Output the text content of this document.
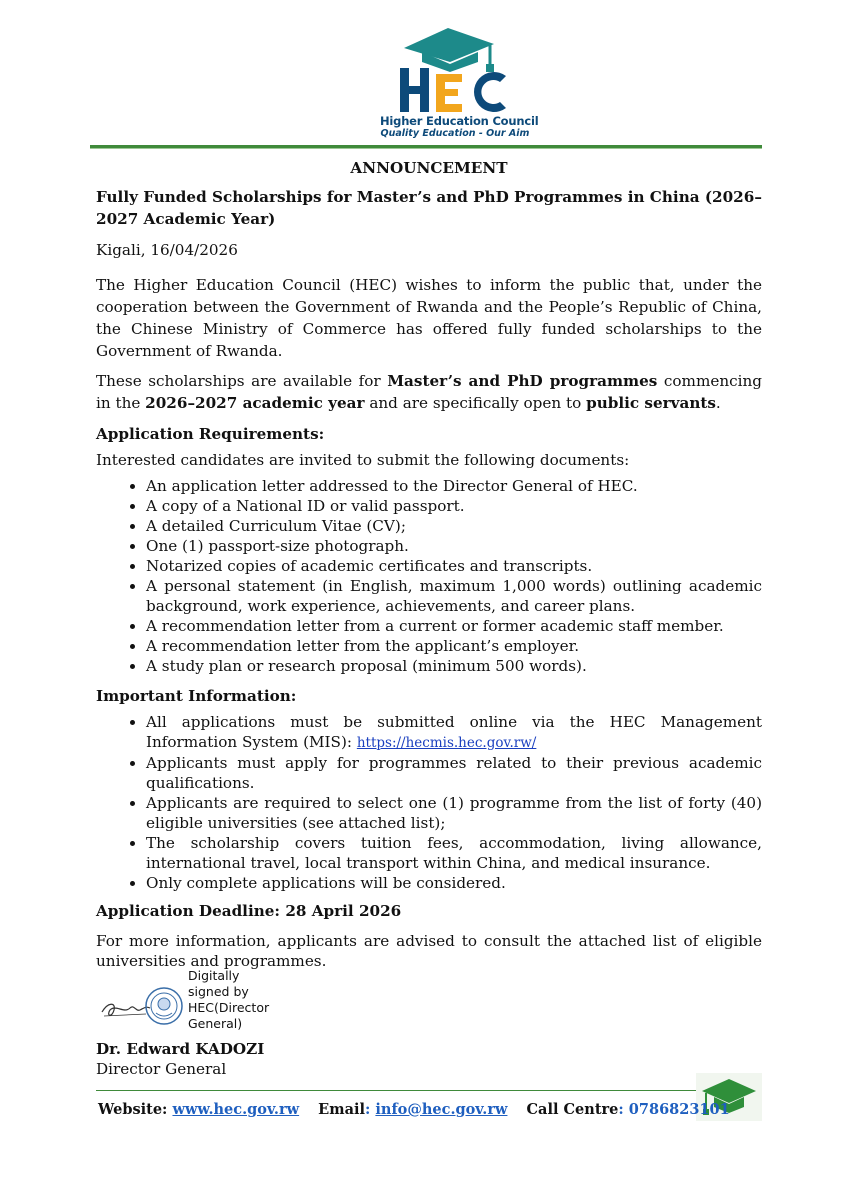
Higher Education Council
Quality Education - Our Aim
ANNOUNCEMENT
Fully Funded Scholarships for Master’s and PhD Programmes in China (2026–2027 Academic Year)
Kigali, 16/04/2026

The Higher Education Council (HEC) wishes to inform the public that, under the cooperation between the Government of Rwanda and the People’s Republic of China, the Chinese Ministry of Commerce has offered fully funded scholarships to the Government of Rwanda.

These scholarships are available for Master’s and PhD programmes commencing in the 2026–2027 academic year and are specifically open to public servants.

Application Requirements:
Interested candidates are invited to submit the following documents:
• An application letter addressed to the Director General of HEC.
• A copy of a National ID or valid passport.
• A detailed Curriculum Vitae (CV);
• One (1) passport-size photograph.
• Notarized copies of academic certificates and transcripts.
• A personal statement (in English, maximum 1,000 words) outlining academic background, work experience, achievements, and career plans.
• A recommendation letter from a current or former academic staff member.
• A recommendation letter from the applicant’s employer.
• A study plan or research proposal (minimum 500 words).
Important Information:
• All applications must be submitted online via the HEC Management Information System (MIS): https://hecmis.hec.gov.rw/
• Applicants must apply for programmes related to their previous academic qualifications.
• Applicants are required to select one (1) programme from the list of forty (40) eligible universities (see attached list);
• The scholarship covers tuition fees, accommodation, living allowance, international travel, local transport within China, and medical insurance.
• Only complete applications will be considered.
Application Deadline: 28 April 2026

For more information, applicants are advised to consult the attached list of eligible universities and programmes.

Digitally
signed by
HEC(Director
General)
Dr. Edward KADOZI
Director General
Website: www.hec.gov.rw Email: info@hec.gov.rw Call Centre: 0786823101
